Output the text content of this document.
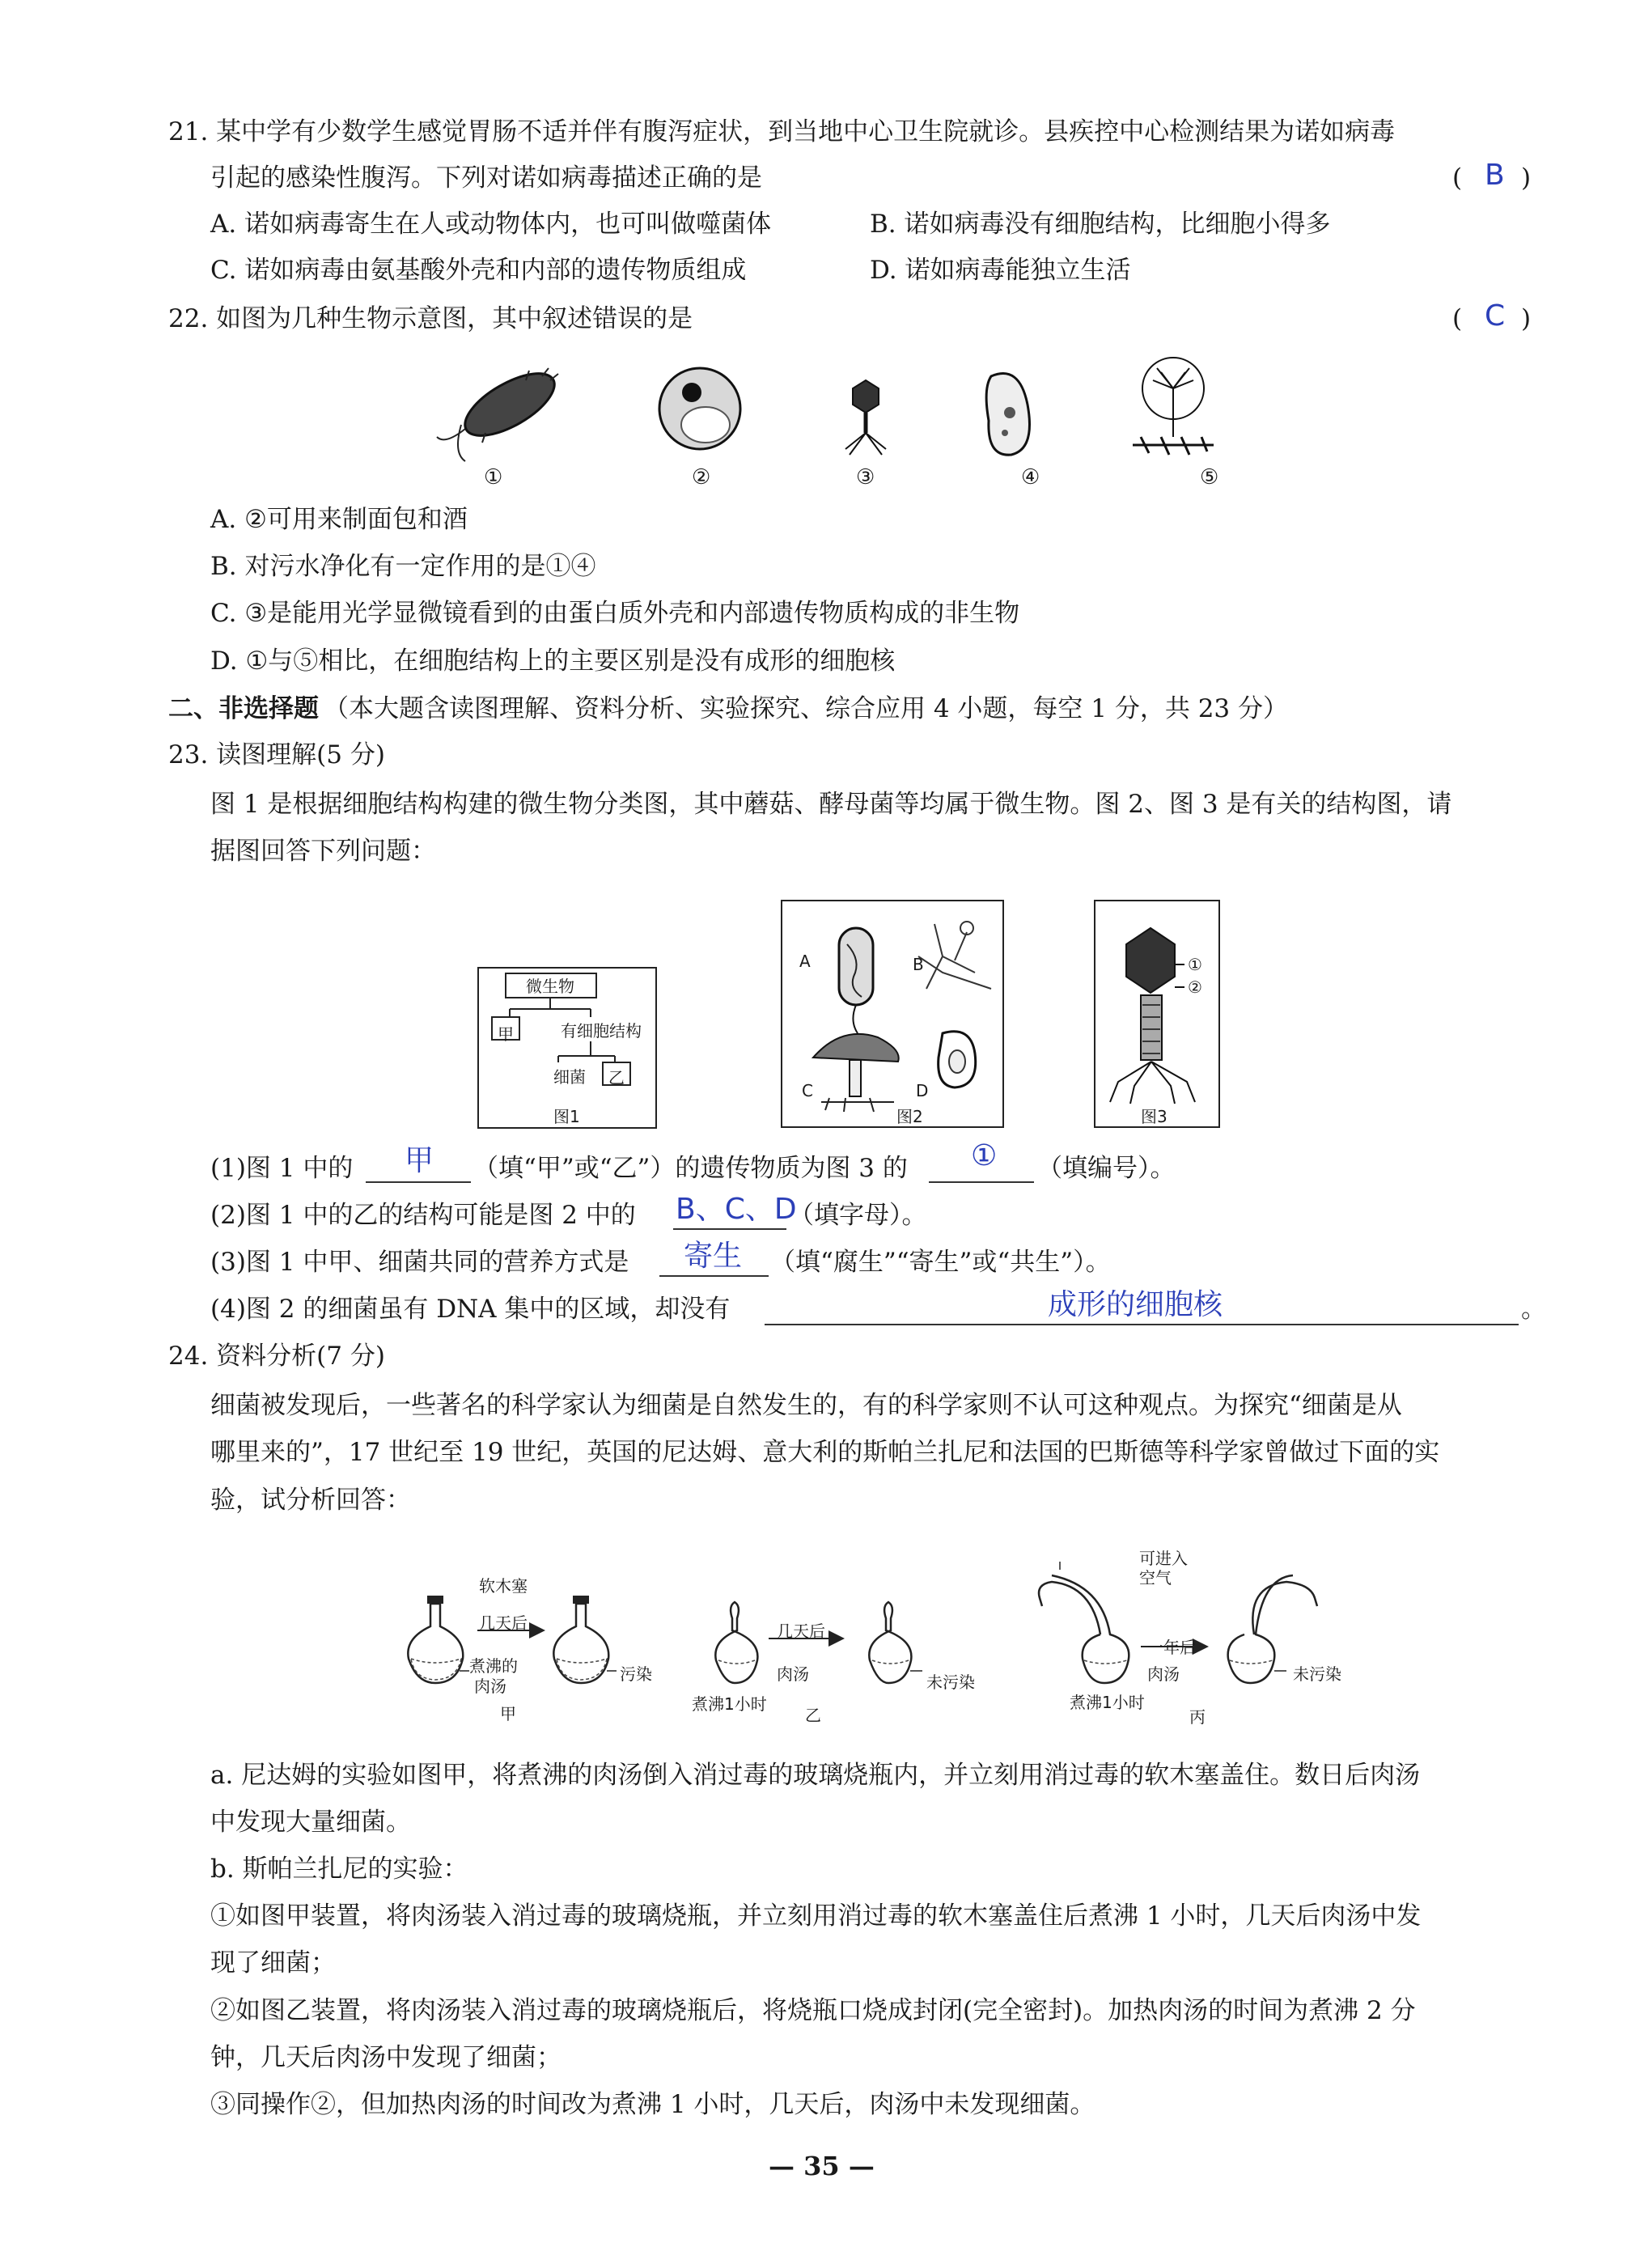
21. 某中学有少数学生感觉胃肠不适并伴有腹泻症状，到当地中心卫生院就诊。县疾控中心检测结果为诺如病毒
引起的感染性腹泻。下列对诺如病毒描述正确的是	( B )
A. 诺如病毒寄生在人或动物体内，也可叫做噬菌体	B. 诺如病毒没有细胞结构，比细胞小得多
C. 诺如病毒由氨基酸外壳和内部的遗传物质组成	D. 诺如病毒能独立生活
22. 如图为几种生物示意图，其中叙述错误的是	( C )
①	②	③	④	⑤
A. ②可用来制面包和酒
B. 对污水净化有一定作用的是①④
C. ③是能用光学显微镜看到的由蛋白质外壳和内部遗传物质构成的非生物
D. ①与⑤相比，在细胞结构上的主要区别是没有成形的细胞核
二、非选择题 （本大题含读图理解、资料分析、实验探究、综合应用 4 小题，每空 1 分，共 23 分）
23. 读图理解(5 分)
图 1 是根据细胞结构构建的微生物分类图，其中蘑菇、酵母菌等均属于微生物。图 2、图 3 是有关的结构图，请
据图回答下列问题：
微生物
甲	有细胞结构
细菌 乙
图1
A	B
C	D
图2
①
②
图3
(1)图 1 中的 甲 （填“甲”或“乙”）的遗传物质为图 3 的 ① （填编号）。
(2)图 1 中的乙的结构可能是图 2 中的 B、C、D
（填字母）。
(3)图 1 中甲、细菌共同的营养方式是 寄生 （填“腐生”“寄生”或“共生”）。
(4)图 2 的细菌虽有 DNA 集中的区域，却没有	成形的细胞核	。
24. 资料分析(7 分)
细菌被发现后，一些著名的科学家认为细菌是自然发生的，有的科学家则不认可这种观点。为探究“细菌是从
哪里来的”，17 世纪至 19 世纪，英国的尼达姆、意大利的斯帕兰扎尼和法国的巴斯德等科学家曾做过下面的实
验，试分析回答：
软木塞
几天后
煮沸的
肉汤
污染
甲
几天后
肉汤
煮沸1小时
未污染
乙
可进入
空气
一年后
肉汤
煮沸1小时
未污染
丙
a. 尼达姆的实验如图甲，将煮沸的肉汤倒入消过毒的玻璃烧瓶内，并立刻用消过毒的软木塞盖住。数日后肉汤
中发现大量细菌。
b. 斯帕兰扎尼的实验：
①如图甲装置，将肉汤装入消过毒的玻璃烧瓶，并立刻用消过毒的软木塞盖住后煮沸 1 小时，几天后肉汤中发
现了细菌；
②如图乙装置，将肉汤装入消过毒的玻璃烧瓶后，将烧瓶口烧成封闭(完全密封)。加热肉汤的时间为煮沸 2 分
钟，几天后肉汤中发现了细菌；
③同操作②，但加热肉汤的时间改为煮沸 1 小时，几天后，肉汤中未发现细菌。
— 35 —
